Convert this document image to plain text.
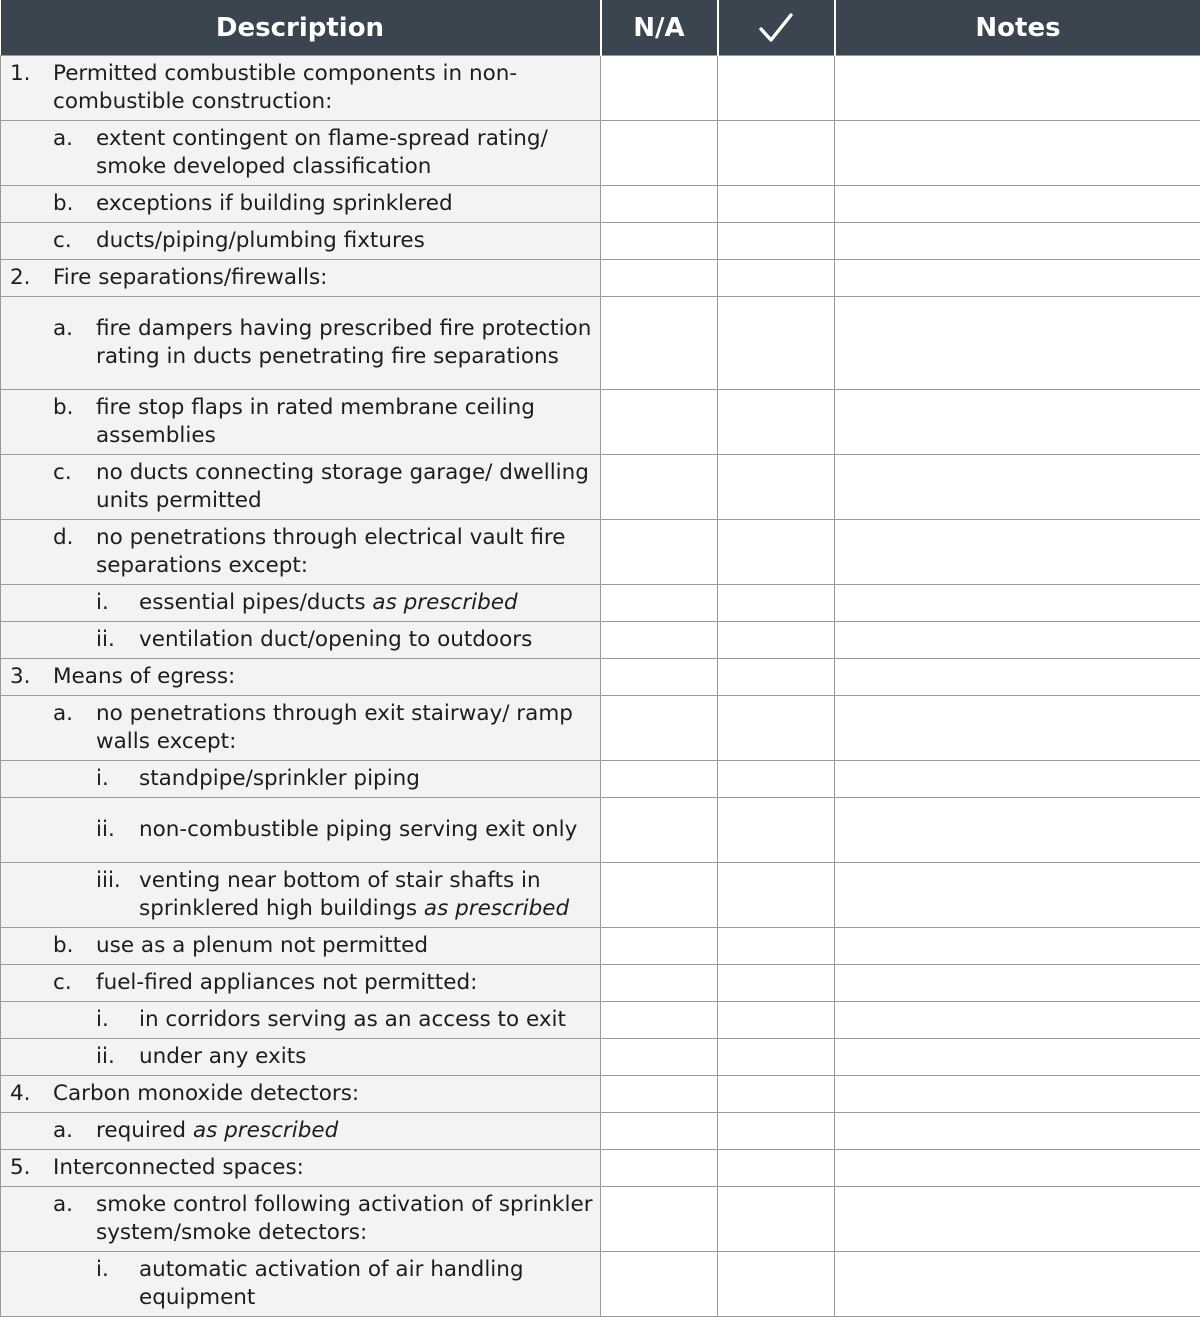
Description	N/A		Notes

1. Permitted combustible components in non-combustible construction:			

a. extent contingent on flame-spread rating/ smoke developed classification			

b. exceptions if building sprinklered			

c. ducts/piping/plumbing fixtures			

2. Fire separations/firewalls:			

a. fire dampers having prescribed fire protection rating in ducts penetrating fire separations			

b. fire stop flaps in rated membrane ceiling assemblies			

c. no ducts connecting storage garage/ dwelling units permitted			

d. no penetrations through electrical vault fire separations except:			

i. essential pipes/ducts as prescribed			

ii. ventilation duct/opening to outdoors			

3. Means of egress:			

a. no penetrations through exit stairway/ ramp walls except:			

i. standpipe/sprinkler piping			

ii. non-combustible piping serving exit only			

iii. venting near bottom of stair shafts in sprinklered high buildings as prescribed			

b. use as a plenum not permitted			

c. fuel-fired appliances not permitted:			

i. in corridors serving as an access to exit			

ii. under any exits			

4. Carbon monoxide detectors:			

a. required as prescribed			

5. Interconnected spaces:			

a. smoke control following activation of sprinkler system/smoke detectors:			

i. automatic activation of air handling equipment			
